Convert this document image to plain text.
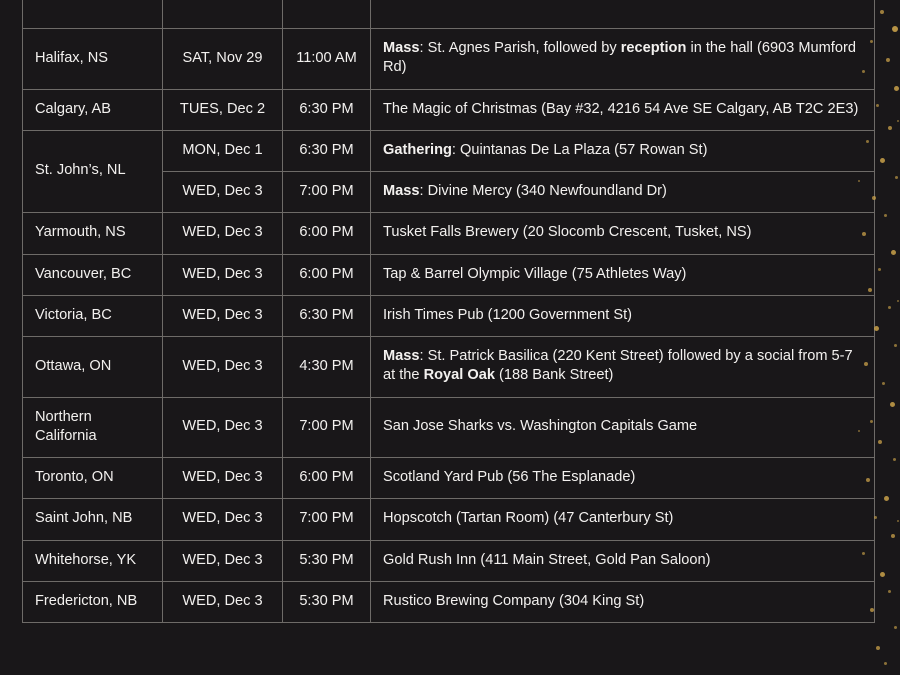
Halifax, NS	SAT, Nov 29	11:00 AM	Mass: St. Agnes Parish, followed by reception in the hall (6903 Mumford Rd)
Calgary, AB	TUES, Dec 2	6:30 PM	The Magic of Christmas (Bay #32, 4216 54 Ave SE Calgary, AB T2C 2E3)
St. John’s, NL	MON, Dec 1	6:30 PM	Gathering: Quintanas De La Plaza (57 Rowan St)
	WED, Dec 3	7:00 PM	Mass: Divine Mercy (340 Newfoundland Dr)
Yarmouth, NS	WED, Dec 3	6:00 PM	Tusket Falls Brewery (20 Slocomb Crescent, Tusket, NS)
Vancouver, BC	WED, Dec 3	6:00 PM	Tap & Barrel Olympic Village (75 Athletes Way)
Victoria, BC	WED, Dec 3	6:30 PM	Irish Times Pub (1200 Government St)
Ottawa, ON	WED, Dec 3	4:30 PM	Mass: St. Patrick Basilica (220 Kent Street) followed by a social from 5-7 at the Royal Oak (188 Bank Street)
Northern California	WED, Dec 3	7:00 PM	San Jose Sharks vs. Washington Capitals Game
Toronto, ON	WED, Dec 3	6:00 PM	Scotland Yard Pub (56 The Esplanade)
Saint John, NB	WED, Dec 3	7:00 PM	Hopscotch (Tartan Room) (47 Canterbury St)
Whitehorse, YK	WED, Dec 3	5:30 PM	Gold Rush Inn (411 Main Street, Gold Pan Saloon)
Fredericton, NB	WED, Dec 3	5:30 PM	Rustico Brewing Company (304 King St)
